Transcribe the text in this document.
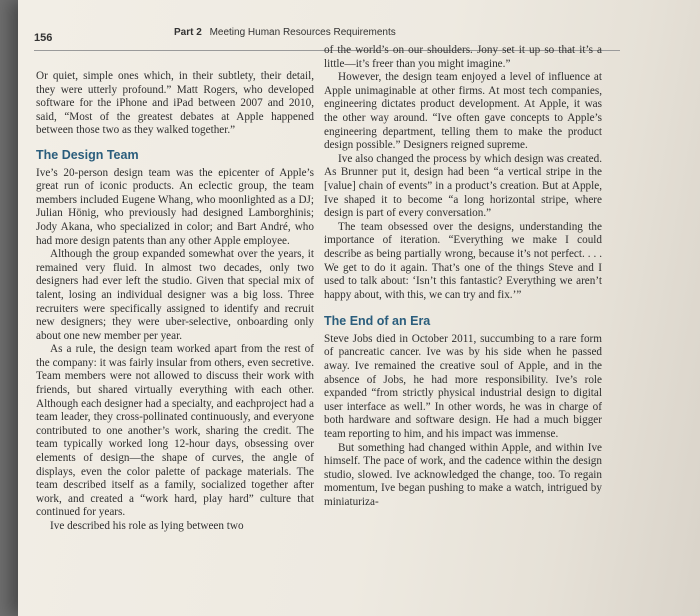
156	Part 2 Meeting Human Resources Requirements

Or quiet, simple ones which, in their subtlety, their detail, they were utterly profound.” Matt Rogers, who developed software for the iPhone and iPad between 2007 and 2010, said, “Most of the greatest debates at Apple happened between those two as they walked together.”

The Design Team

Ive’s 20-person design team was the epicenter of Apple’s great run of iconic products. An eclectic group, the team members included Eugene Whang, who moonlighted as a DJ; Julian Hönig, who previously had designed Lamborghinis; Jody Akana, who specialized in color; and Bart André, who had more design patents than any other Apple employee.

Although the group expanded somewhat over the years, it remained very fluid. In almost two decades, only two designers had ever left the studio. Given that special mix of talent, losing an individual designer was a big loss. Three recruiters were specifically assigned to identify and recruit new designers; they were uber-selective, onboarding only about one new member per year.

As a rule, the design team worked apart from the rest of the company: it was fairly insular from others, even secretive. Team members were not allowed to discuss their work with friends, but shared virtually everything with each other. Although each designer had a specialty, and eachproject had a team leader, they cross-pollinated continuously, and everyone contributed to one another’s work, sharing the credit. The team typically worked long 12-hour days, obsessing over elements of design—the shape of curves, the angle of displays, even the color palette of package materials. The team described itself as a family, socialized together after work, and created a “work hard, play hard” culture that continued for years.

Ive described his role as lying between two

of the world’s on our shoulders. Jony set it up so that it’s a little—it’s freer than you might imagine.”

However, the design team enjoyed a level of influence at Apple unimaginable at other firms. At most tech companies, engineering dictates product development. At Apple, it was the other way around. “Ive often gave concepts to Apple’s engineering department, telling them to make the product design possible.” Designers reigned supreme.

Ive also changed the process by which design was created. As Brunner put it, design had been “a vertical stripe in the [value] chain of events” in a product’s creation. But at Apple, Ive shaped it to become “a long horizontal stripe, where design is part of every conversation.”

The team obsessed over the designs, understanding the importance of iteration. “Everything we make I could describe as being partially wrong, because it’s not perfect. . . . We get to do it again. That’s one of the things Steve and I used to talk about: ‘Isn’t this fantastic? Everything we aren’t happy about, with this, we can try and fix.’”

The End of an Era

Steve Jobs died in October 2011, succumbing to a rare form of pancreatic cancer. Ive was by his side when he passed away. Ive remained the creative soul of Apple, and in the absence of Jobs, he had more responsibility. Ive’s role expanded “from strictly physical industrial design to digital user interface as well.” In other words, he was in charge of both hardware and software design. He had a much bigger team reporting to him, and his impact was immense.

But something had changed within Apple, and within Ive himself. The pace of work, and the cadence within the design studio, slowed. Ive acknowledged the change, too. To regain momentum, Ive began pushing to make a watch, intrigued by miniaturiza-
